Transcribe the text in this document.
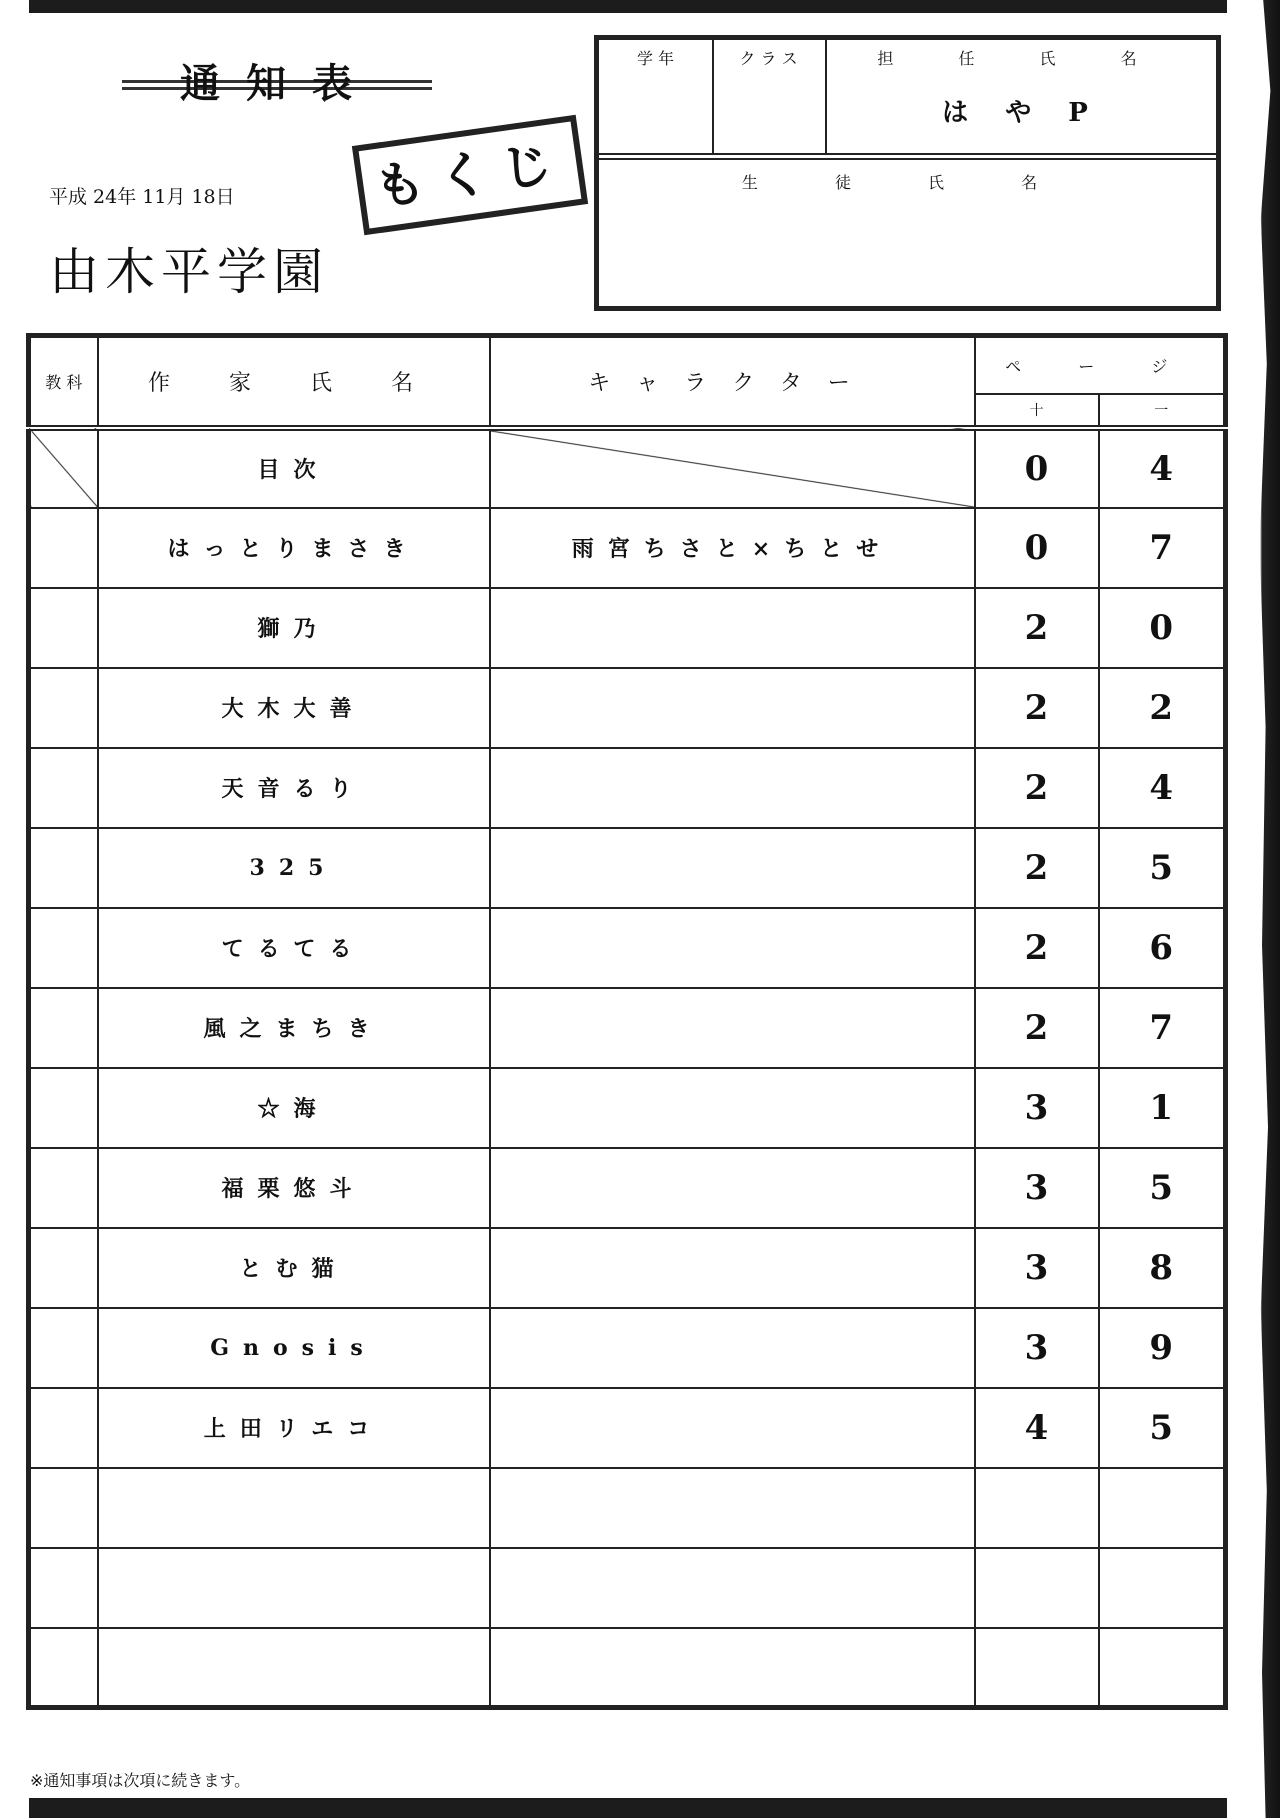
通知表
もくじ
平成 24年 11月 18日
由木平学園
学 年	ク ラ ス	担 任 氏 名
は や P
生 徒 氏 名
教 科	作 家 氏 名	キャラクター	ペ ー ジ	
			十	一
	目次		0	4
	はっとりまさき	雨宮ちさと×ちとせ	0	7
	獅乃		2	0
	大木大善		2	2
	天音るり		2	4
	325		2	5
	てるてる		2	6
	風之まちき		2	7
	☆海		3	1
	福栗悠斗		3	5
	とむ猫		3	8
	Gnosis		3	9
	上田リエコ		4	5

※通知事項は次項に続きます。
